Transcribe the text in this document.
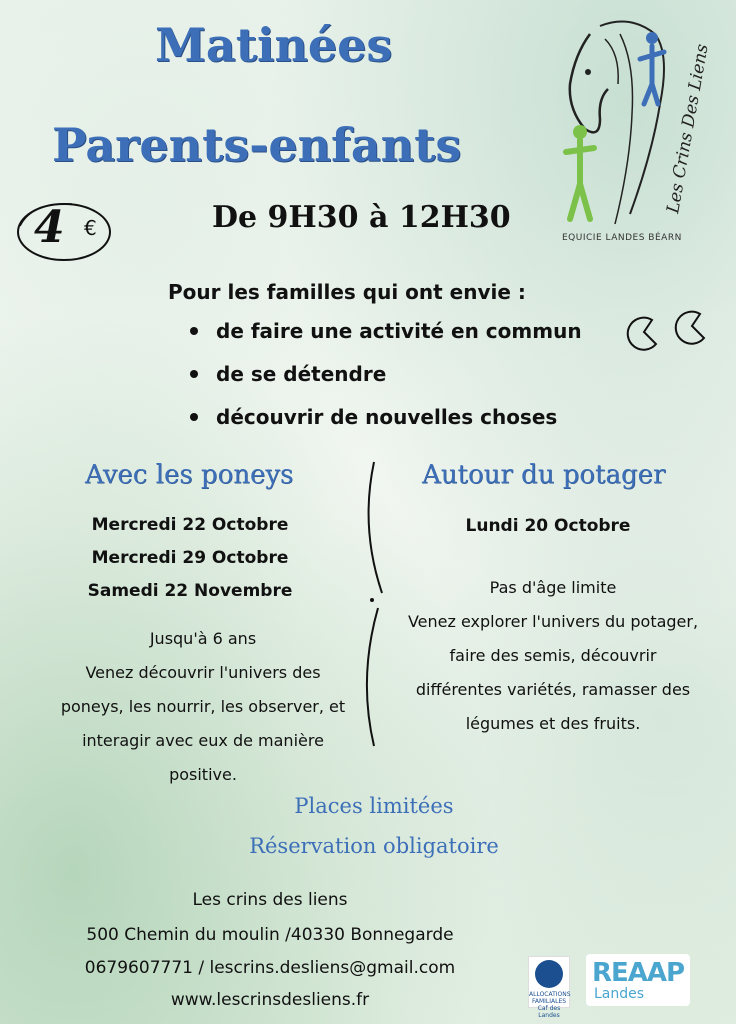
Matinées
Parents-enfants
4 €	De 9H30 à 12H30
Les Crins Des Liens
EQUICIE LANDES BÉARN
Pour les familles qui ont envie :
de faire une activité en commun
de se détendre
découvrir de nouvelles choses
Avec les poneys	Autour du potager
Mercredi 22 Octobre
Mercredi 29 Octobre
Samedi 22 Novembre
Lundi 20 Octobre
Jusqu'à 6 ans
Venez découvrir l'univers des
poneys, les nourrir, les observer, et
interagir avec eux de manière
positive.
Pas d'âge limite
Venez explorer l'univers du potager,
faire des semis, découvrir
différentes variétés, ramasser des
légumes et des fruits.
Places limitées
Réservation obligatoire
Les crins des liens
500 Chemin du moulin /40330 Bonnegarde
0679607771 / lescrins.desliens@gmail.com
www.lescrinsdesliens.fr	ALLOCATIONS FAMILIALES Caf des Landes
REAAP
Landes
